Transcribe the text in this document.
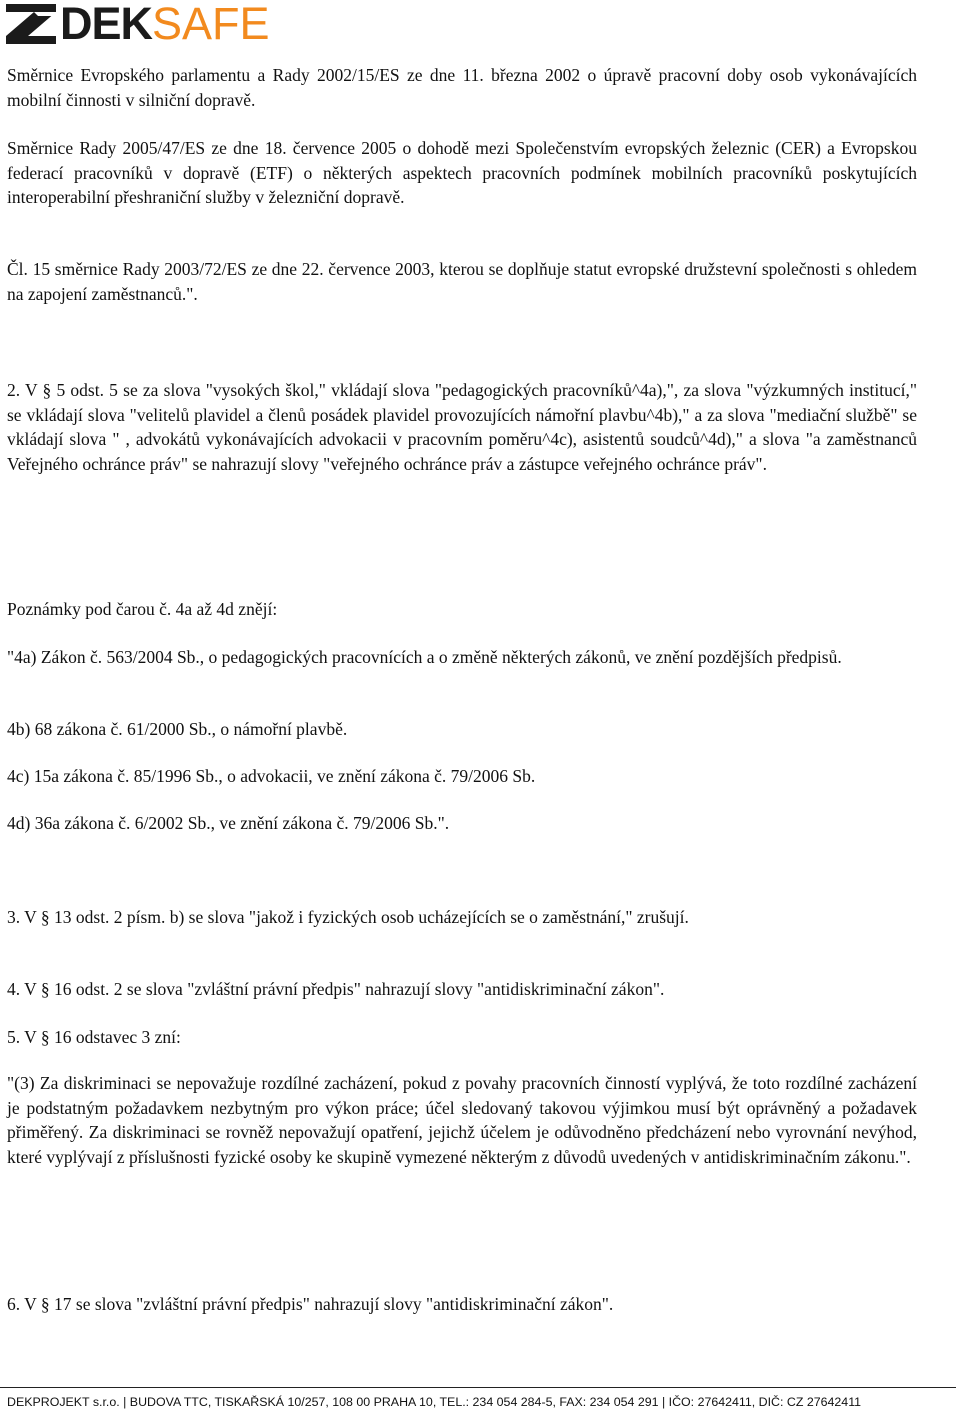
DEK SAFE

Směrnice Evropského parlamentu a Rady 2002/15/ES ze dne 11. března 2002 o úpravě pracovní doby osob vykonávajících mobilní činnosti v silniční dopravě.

Směrnice Rady 2005/47/ES ze dne 18. července 2005 o dohodě mezi Společenstvím evropských železnic (CER) a Evropskou federací pracovníků v dopravě (ETF) o některých aspektech pracovních podmínek mobilních pracovníků poskytujících interoperabilní přeshraniční služby v železniční dopravě.

Čl. 15 směrnice Rady 2003/72/ES ze dne 22. července 2003, kterou se doplňuje statut evropské družstevní společnosti s ohledem na zapojení zaměstnanců.".

2. V § 5 odst. 5 se za slova "vysokých škol," vkládají slova "pedagogických pracovníků^4a),", za slova "výzkumných institucí," se vkládají slova "velitelů plavidel a členů posádek plavidel provozujících námořní plavbu^4b)," a za slova "mediační službě" se vkládají slova " , advokátů vykonávajících advokacii v pracovním poměru^4c), asistentů soudců^4d)," a slova "a zaměstnanců Veřejného ochránce práv" se nahrazují slovy "veřejného ochránce práv a zástupce veřejného ochránce práv".

Poznámky pod čarou č. 4a až 4d znějí:

"4a) Zákon č. 563/2004 Sb., o pedagogických pracovnících a o změně některých zákonů, ve znění pozdějších předpisů.

4b) 68 zákona č. 61/2000 Sb., o námořní plavbě.

4c) 15a zákona č. 85/1996 Sb., o advokacii, ve znění zákona č. 79/2006 Sb.

4d) 36a zákona č. 6/2002 Sb., ve znění zákona č. 79/2006 Sb.".

3. V § 13 odst. 2 písm. b) se slova "jakož i fyzických osob ucházejících se o zaměstnání," zrušují.

4. V § 16 odst. 2 se slova "zvláštní právní předpis" nahrazují slovy "antidiskriminační zákon".

5. V § 16 odstavec 3 zní:

"(3) Za diskriminaci se nepovažuje rozdílné zacházení, pokud z povahy pracovních činností vyplývá, že toto rozdílné zacházení je podstatným požadavkem nezbytným pro výkon práce; účel sledovaný takovou výjimkou musí být oprávněný a požadavek přiměřený. Za diskriminaci se rovněž nepovažují opatření, jejichž účelem je odůvodněno předcházení nebo vyrovnání nevýhod, které vyplývají z příslušnosti fyzické osoby ke skupině vymezené některým z důvodů uvedených v antidiskriminačním zákonu.".

6. V § 17 se slova "zvláštní právní předpis" nahrazují slovy "antidiskriminační zákon".

DEKPROJEKT s.r.o. | BUDOVA TTC, TISKAŘSKÁ 10/257, 108 00 PRAHA 10, TEL.: 234 054 284-5, FAX: 234 054 291 | IČO: 27642411, DIČ: CZ 27642411
